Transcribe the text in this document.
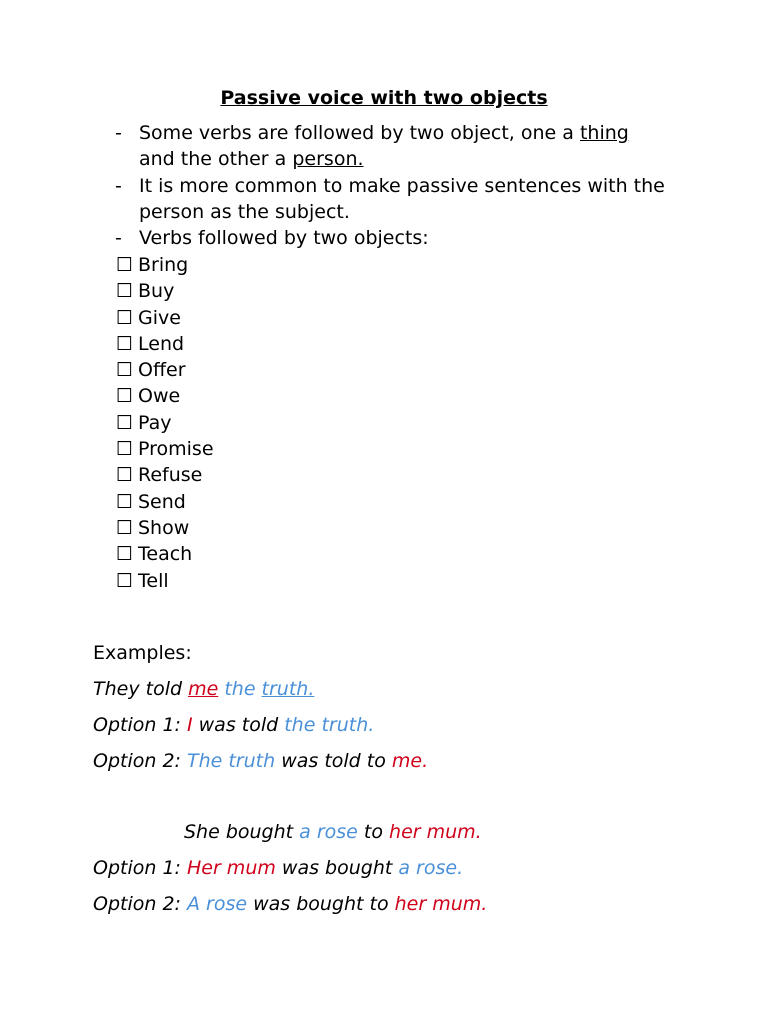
Passive voice with two objects
- Some verbs are followed by two object, one a thing
and the other a person.
- It is more common to make passive sentences with the person as the subject.
- Verbs followed by two objects:
☐ Bring
☐ Buy
☐ Give
☐ Lend
☐ Offer
☐ Owe
☐ Pay
☐ Promise
☐ Refuse
☐ Send
☐ Show
☐ Teach
☐ Tell
Examples:
They told me the truth.
Option 1: I was told the truth.
Option 2: The truth was told to me.
She bought a rose to her mum.
Option 1: Her mum was bought a rose.
Option 2: A rose was bought to her mum.
